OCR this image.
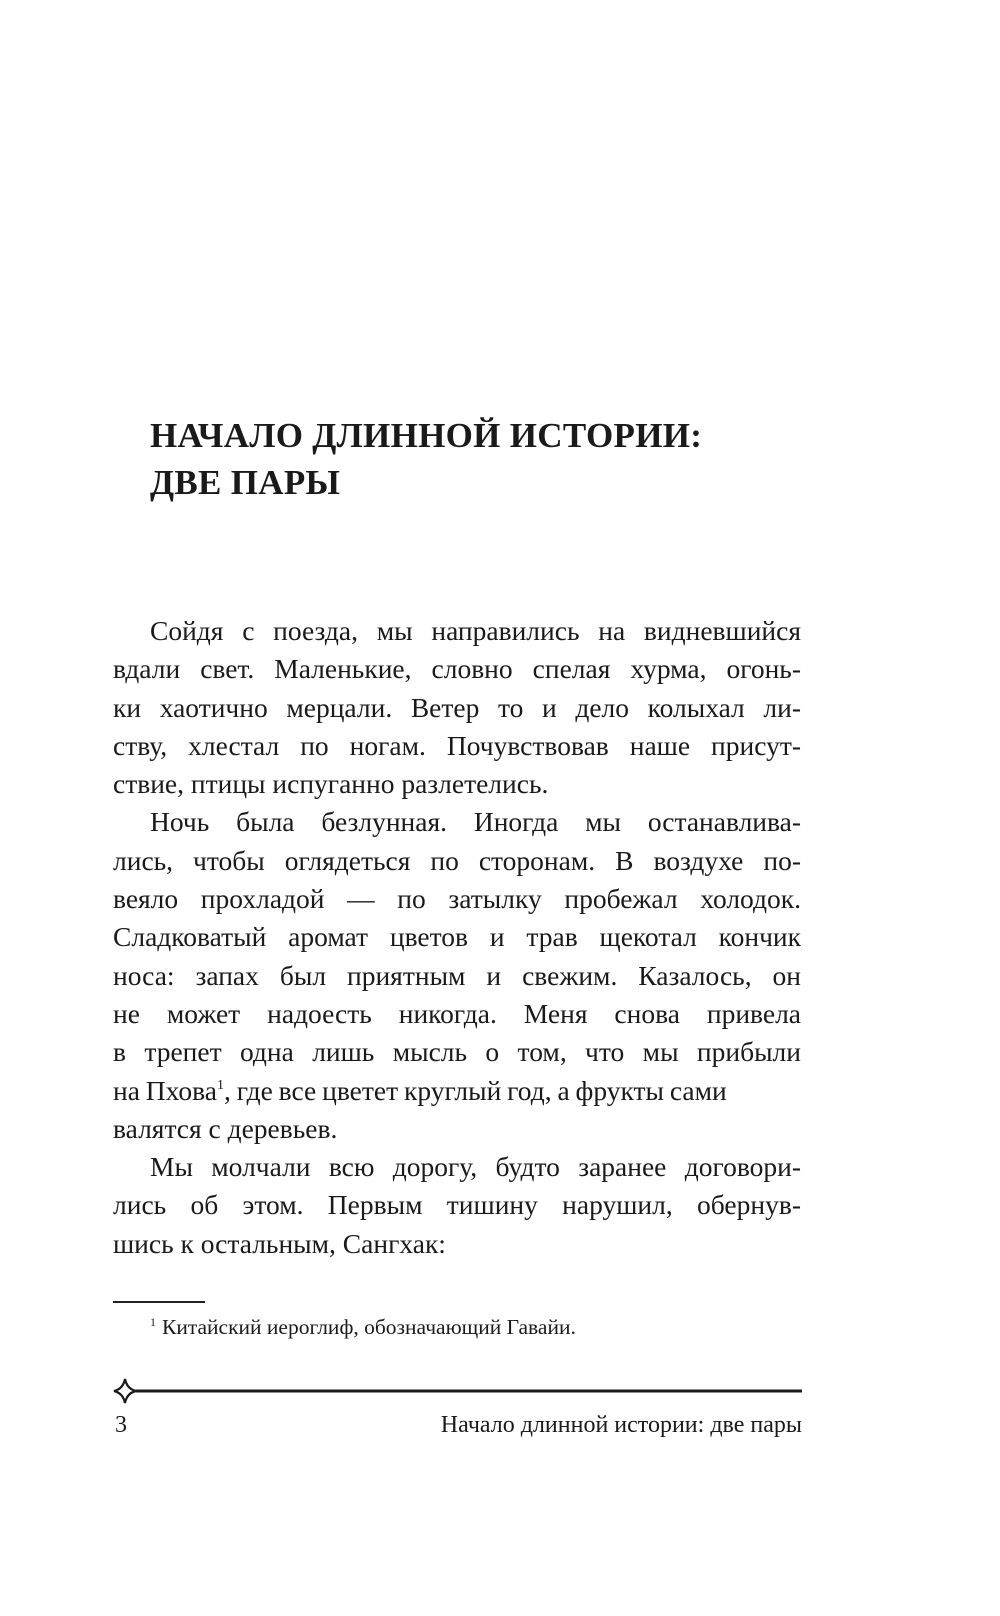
НАЧАЛО ДЛИННОЙ ИСТОРИИ:
ДВЕ ПАРЫ
Сойдя с поезда, мы направились на видневшийся
вдали свет. Маленькие, словно спелая хурма, огонь-
ки хаотично мерцали. Ветер то и дело колыхал ли-
ству, хлестал по ногам. Почувствовав наше присут-
ствие, птицы испуганно разлетелись.
Ночь была безлунная. Иногда мы останавлива-
лись, чтобы оглядеться по сторонам. В воздухе по-
веяло прохладой — по затылку пробежал холодок.
Сладковатый аромат цветов и трав щекотал кончик
носа: запах был приятным и свежим. Казалось, он
не может надоесть никогда. Меня снова привела
в трепет одна лишь мысль о том, что мы прибыли
на Пхова$^1$, где все цветет круглый год, а фрукты сами
валятся с деревьев.
Мы молчали всю дорогу, будто заранее договори-
лись об этом. Первым тишину нарушил, обернув-
шись к остальным, Сангхак:
$^1$ Китайский иероглиф, обозначающий Гавайи.
3	Начало длинной истории: две пары
